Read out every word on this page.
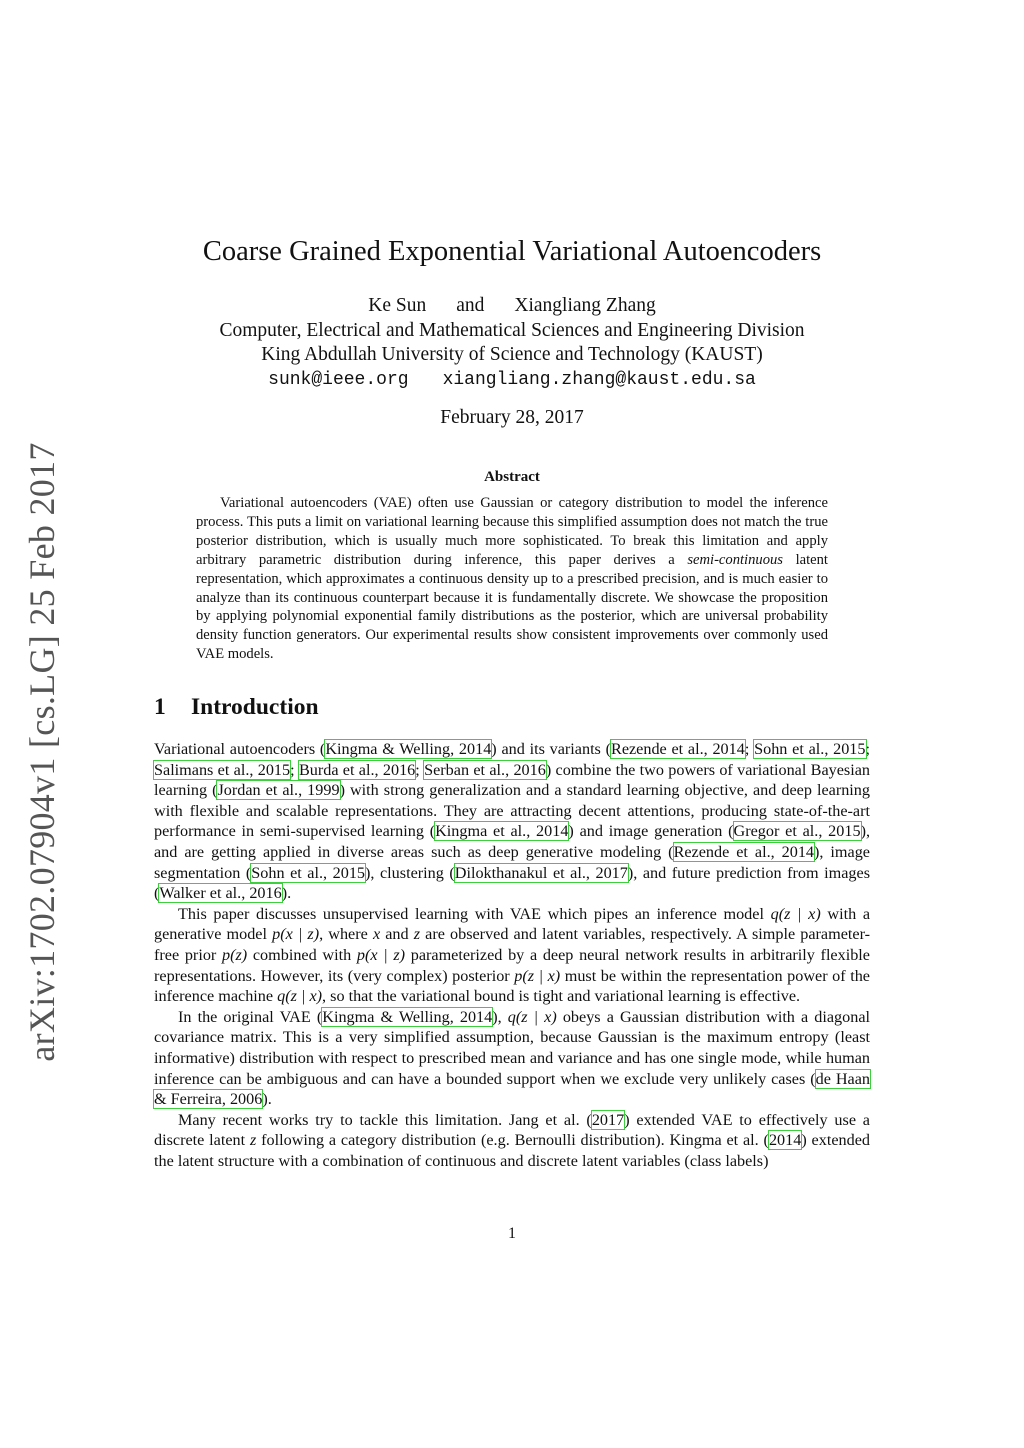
arXiv:1702.07904v1 [cs.LG] 25 Feb 2017
Coarse Grained Exponential Variational Autoencoders
Ke Sun and Xiangliang Zhang
Computer, Electrical and Mathematical Sciences and Engineering Division
King Abdullah University of Science and Technology (KAUST)
sunk@ieee.org xiangliang.zhang@kaust.edu.sa
February 28, 2017
Abstract

Variational autoencoders (VAE) often use Gaussian or category distribution to model the inference process. This puts a limit on variational learning because this simplified assumption does not match the true posterior distribution, which is usually much more sophisticated. To break this limitation and apply arbitrary parametric distribution during inference, this paper derives a semi-continuous latent representation, which approximates a continuous density up to a prescribed precision, and is much easier to analyze than its continuous counterpart because it is fundamentally discrete. We showcase the proposition by applying polynomial exponential family distributions as the posterior, which are universal probability density function generators. Our experimental results show consistent improvements over commonly used VAE models.

1 Introduction

Variational autoencoders (Kingma & Welling, 2014) and its variants (Rezende et al., 2014; Sohn et al., 2015; Salimans et al., 2015; Burda et al., 2016; Serban et al., 2016) combine the two powers of variational Bayesian learning (Jordan et al., 1999) with strong generalization and a standard learning objective, and deep learning with flexible and scalable representations. They are attracting decent attentions, producing state-of-the-art performance in semi-supervised learning (Kingma et al., 2014) and image generation (Gregor et al., 2015), and are getting applied in diverse areas such as deep generative modeling (Rezende et al., 2014), image segmentation (Sohn et al., 2015), clustering (Dilokthanakul et al., 2017), and future prediction from images (Walker et al., 2016).

This paper discusses unsupervised learning with VAE which pipes an inference model q(z | x) with a generative model p(x | z), where x and z are observed and latent variables, respectively. A simple parameter-free prior p(z) combined with p(x | z) parameterized by a deep neural network results in arbitrarily flexible representations. However, its (very complex) posterior p(z | x) must be within the representation power of the inference machine q(z | x), so that the variational bound is tight and variational learning is effective.

In the original VAE (Kingma & Welling, 2014), q(z | x) obeys a Gaussian distribution with a diagonal covariance matrix. This is a very simplified assumption, because Gaussian is the maximum entropy (least informative) distribution with respect to prescribed mean and variance and has one single mode, while human inference can be ambiguous and can have a bounded support when we exclude very unlikely cases (de Haan & Ferreira, 2006).

Many recent works try to tackle this limitation. Jang et al. (2017) extended VAE to effectively use a discrete latent z following a category distribution (e.g. Bernoulli distribution). Kingma et al. (2014) extended the latent structure with a combination of continuous and discrete latent variables (class labels)

1
